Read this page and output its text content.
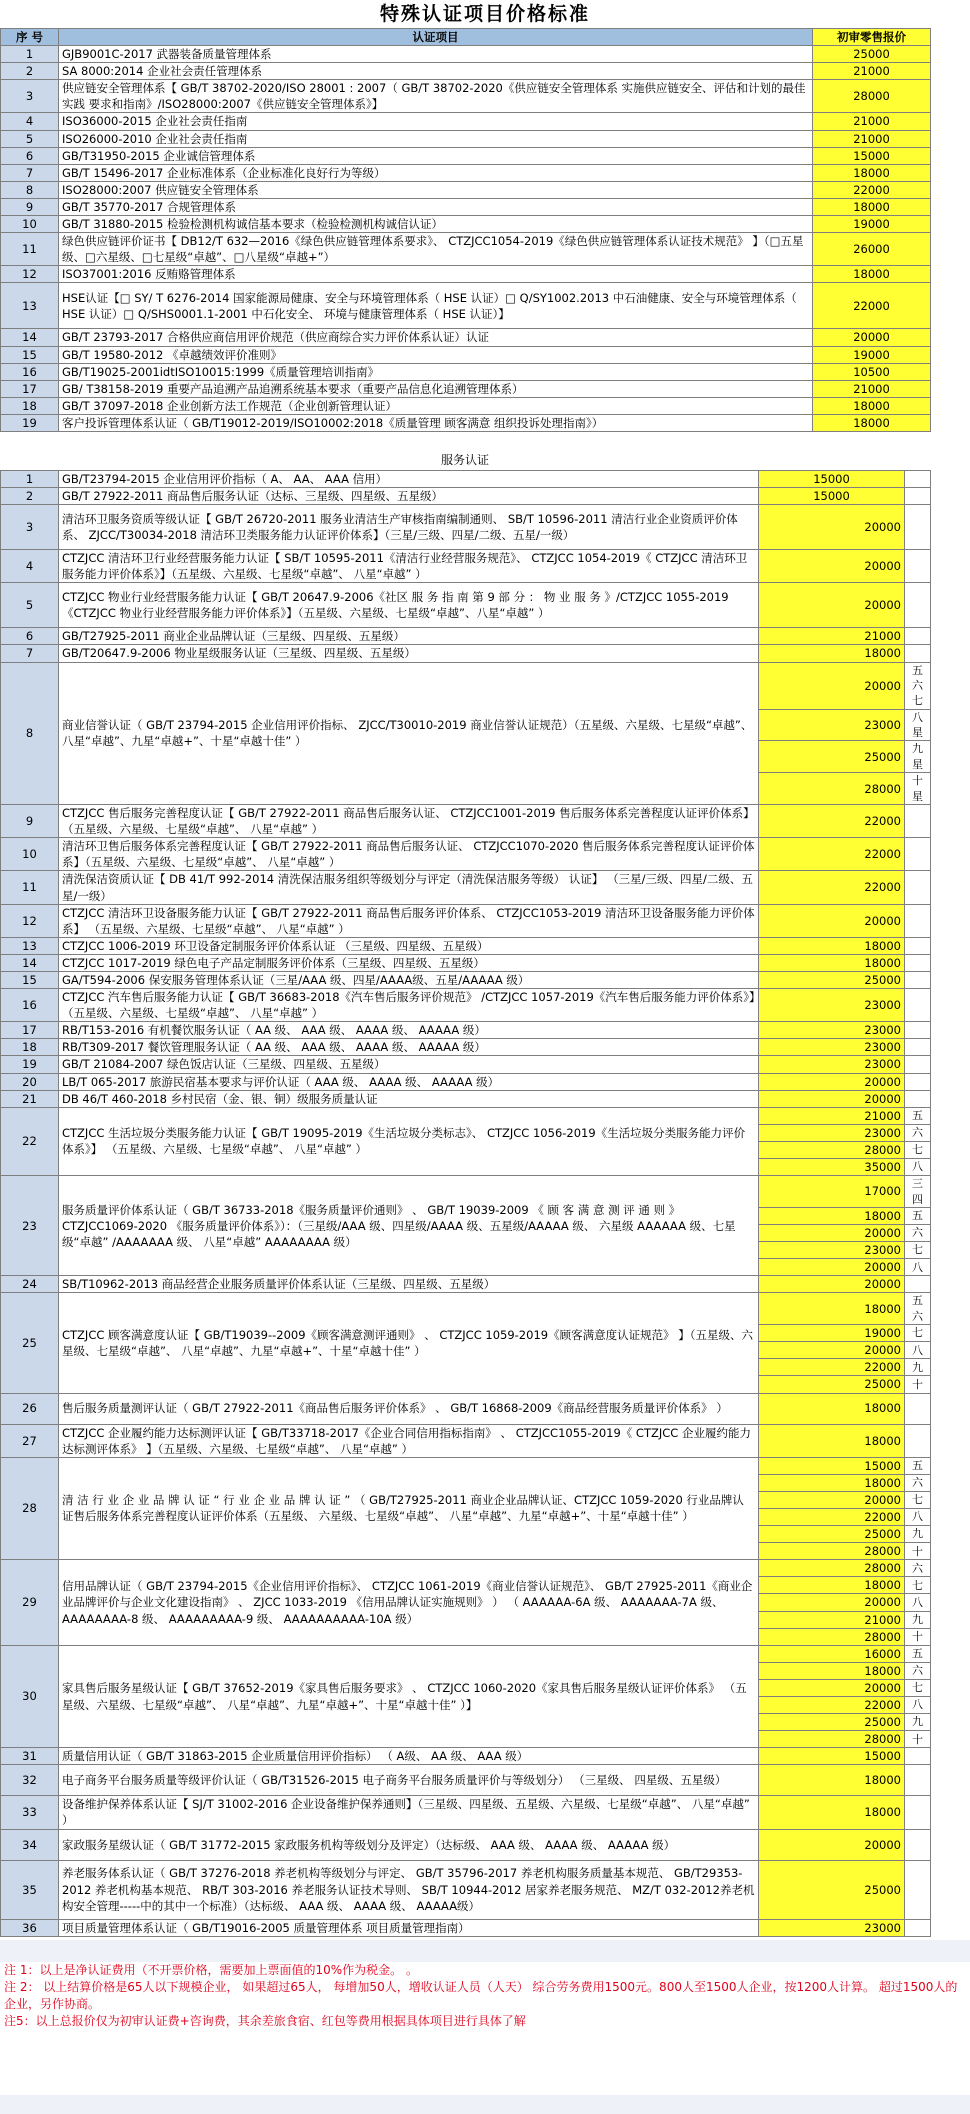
特殊认证项目价格标准
序 号	认证项目	初审零售报价
1	GJB9001C-2017 武器装备质量管理体系	25000
2	SA 8000:2014 企业社会责任管理体系	21000
3	供应链安全管理体系【 GB/T 38702-2020/ISO 28001 : 2007（ GB/T 38702-2020《供应链安全管理体系 实施供应链安全、评估和计划的最佳实践 要求和指南》/ISO28000:2007《供应链安全管理体系》】	28000
4	ISO36000-2015 企业社会责任指南	21000
5	ISO26000-2010 企业社会责任指南	21000
6	GB/T31950-2015 企业诚信管理体系	15000
7	GB/T 15496-2017 企业标准体系（企业标准化良好行为等级）	18000
8	ISO28000:2007 供应链安全管理体系	22000
9	GB/T 35770-2017 合规管理体系	18000
10	GB/T 31880-2015 检验检测机构诚信基本要求（检验检测机构诚信认证）	19000
11	绿色供应链评价证书【 DB12/T 632—2016《绿色供应链管理体系要求》、 CTZJCC1054-2019《绿色供应链管理体系认证技术规范》 】（□五星级、□六星级、□七星级“卓越”、□八星级“卓越+”）	26000
12	ISO37001:2016 反贿赂管理体系	18000
13	HSE认证【□ SY/ T 6276-2014 国家能源局健康、安全与环境管理体系（ HSE 认证）□ Q/SY1002.2013 中石油健康、安全与环境管理体系（ HSE 认证）□ Q/SHS0001.1-2001 中石化安全、 环境与健康管理体系（ HSE 认证）】	22000
14	GB/T 23793-2017 合格供应商信用评价规范（供应商综合实力评价体系认证）认证	20000
15	GB/T 19580-2012 《卓越绩效评价准则》	19000
16	GB/T19025-2001idtISO10015:1999《质量管理培训指南》	10500
17	GB/ T38158-2019 重要产品追溯产品追溯系统基本要求（重要产品信息化追溯管理体系）	21000
18	GB/T 37097-2018 企业创新方法工作规范（企业创新管理认证）	18000
19	客户投诉管理体系认证（ GB/T19012-2019/ISO10002:2018《质量管理 顾客满意 组织投诉处理指南》）	18000
服务认证
1	GB/T23794-2015 企业信用评价指标（ A、 AA、 AAA 信用）	15000	
2	GB/T 27922-2011 商品售后服务认证（达标、三星级、四星级、五星级）	15000	
3	清洁环卫服务资质等级认证【 GB/T 26720-2011 服务业清洁生产审核指南编制通则、 SB/T 10596-2011 清洁行业企业资质评价体系、 ZJCC/T30034-2018 清洁环卫类服务能力认证评价体系】（三星/三级、四星/二级、五星/一级）	20000	
4	CTZJCC 清洁环卫行业经营服务能力认证【 SB/T 10595-2011《清洁行业经营服务规范》、 CTZJCC 1054-2019《 CTZJCC 清洁环卫服务能力评价体系》】（五星级、六星级、七星级“卓越”、 八星“卓越” ）	20000	
5	CTZJCC 物业行业经营服务能力认证【 GB/T 20647.9-2006《社区 服 务 指 南 第 9 部 分 ： 物 业 服 务 》/CTZJCC 1055-2019《CTZJCC 物业行业经营服务能力评价体系》】（五星级、六星级、七星级“卓越”、八星“卓越” ）	20000	
6	GB/T27925-2011 商业企业品牌认证（三星级、四星级、五星级）	21000	
7	GB/T20647.9-2006 物业星级服务认证（三星级、四星级、五星级）	18000	
8	商业信誉认证（ GB/T 23794-2015 企业信用评价指标、 ZJCC/T30010-2019 商业信誉认证规范）（五星级、六星级、七星级“卓越”、 八星“卓越”、九星“卓越+”、十星“卓越十佳” ）	20000	五六七
		23000	八星
		25000	九星
		28000	十星
9	CTZJCC 售后服务完善程度认证【 GB/T 27922-2011 商品售后服务认证、 CTZJCC1001-2019 售后服务体系完善程度认证评价体系】（五星级、六星级、七星级“卓越”、 八星“卓越” ）	22000	
10	清洁环卫售后服务体系完善程度认证【 GB/T 27922-2011 商品售后服务认证、 CTZJCC1070-2020 售后服务体系完善程度认证评价体系】（五星级、六星级、七星级“卓越”、 八星“卓越” ）	22000	
11	清洗保洁资质认证【 DB 41/T 992-2014 清洗保洁服务组织等级划分与评定（清洗保洁服务等级） 认证】 （三星/三级、四星/二级、五星/一级）	22000	
12	CTZJCC 清洁环卫设备服务能力认证【 GB/T 27922-2011 商品售后服务评价体系、 CTZJCC1053-2019 清洁环卫设备服务能力评价体系】 （五星级、六星级、七星级“卓越”、 八星“卓越” ）	20000	
13	CTZJCC 1006-2019 环卫设备定制服务评价体系认证 （三星级、四星级、五星级）	18000	
14	CTZJCC 1017-2019 绿色电子产品定制服务评价体系（三星级、四星级、五星级）	18000	
15	GA/T594-2006 保安服务管理体系认证（三星/AAA 级、四星/AAAA级、五星/AAAAA 级）	25000	
16	CTZJCC 汽车售后服务能力认证【 GB/T 36683-2018《汽车售后服务评价规范》 /CTZJCC 1057-2019《汽车售后服务能力评价体系》】（五星级、六星级、七星级“卓越”、 八星“卓越” ）	23000	
17	RB/T153-2016 有机餐饮服务认证（ AA 级、 AAA 级、 AAAA 级、 AAAAA 级）	23000	
18	RB/T309-2017 餐饮管理服务认证（ AA 级、 AAA 级、 AAAA 级、 AAAAA 级）	23000	
19	GB/T 21084-2007 绿色饭店认证（三星级、四星级、五星级）	23000	
20	LB/T 065-2017 旅游民宿基本要求与评价认证（ AAA 级、 AAAA 级、 AAAAA 级）	20000	
21	DB 46/T 460-2018 乡村民宿（金、银、铜）级服务质量认证	20000	
22	CTZJCC 生活垃圾分类服务能力认证【 GB/T 19095-2019《生活垃圾分类标志》、 CTZJCC 1056-2019《生活垃圾分类服务能力评价体系》】 （五星级、六星级、七星级“卓越”、 八星“卓越” ）	21000	五
		23000	六
		28000	七
		35000	八
23	服务质量评价体系认证（ GB/T 36733-2018《服务质量评价通则》 、 GB/T 19039-2009 《 顾 客 满 意 测 评 通 则 》 CTZJCC1069-2020 《服务质量评价体系》）：（三星级/AAA 级、四星级/AAAA 级、五星级/AAAAA 级、 六星级 AAAAAA 级、七星级“卓越” /AAAAAAA 级、 八星“卓越” AAAAAAAA 级）	17000	三四
		18000	五
		20000	六
		23000	七
		20000	八
24	SB/T10962-2013 商品经营企业服务质量评价体系认证（三星级、四星级、五星级）	20000	
25	CTZJCC 顾客满意度认证【 GB/T19039--2009《顾客满意测评通则》 、 CTZJCC 1059-2019《顾客满意度认证规范》 】（五星级、六星级、七星级“卓越”、 八星“卓越”、九星“卓越+”、十星“卓越十佳” ）	18000	五六
		19000	七
		20000	八
		22000	九
		25000	十
26	售后服务质量测评认证（ GB/T 27922-2011《商品售后服务评价体系》 、 GB/T 16868-2009《商品经营服务质量评价体系》 ）	18000	
27	CTZJCC 企业履约能力达标测评认证【 GB/T33718-2017《企业合同信用指标指南》 、 CTZJCC1055-2019《 CTZJCC 企业履约能力达标测评体系》 】（五星级、六星级、七星级“卓越”、 八星“卓越” ）	18000	
28	清 洁 行 业 企 业 品 牌 认 证 “ 行 业 企 业 品 牌 认 证 ” （ GB/T27925-2011 商业企业品牌认证、CTZJCC 1059-2020 行业品牌认证售后服务体系完善程度认证评价体系（五星级、 六星级、七星级“卓越”、 八星“卓越”、九星“卓越+”、十星“卓越十佳” ）	15000	五
		18000	六
		20000	七
		22000	八
		25000	九
		28000	十
29	信用品牌认证（ GB/T 23794-2015《企业信用评价指标》、 CTZJCC 1061-2019《商业信誉认证规范》、 GB/T 27925-2011《商业企业品牌评价与企业文化建设指南》 、 ZJCC 1033-2019 《信用品牌认证实施规则》 ） （ AAAAAA-6A 级、 AAAAAAA-7A 级、 AAAAAAAA-8 级、 AAAAAAAAA-9 级、 AAAAAAAAAA-10A 级）	28000	六
		18000	七
		20000	八
		21000	九
		28000	十
30	家具售后服务星级认证【 GB/T 37652-2019《家具售后服务要求》 、 CTZJCC 1060-2020《家具售后服务星级认证评价体系》 （五星级、六星级、七星级“卓越”、 八星“卓越”、九星“卓越+”、十星“卓越十佳” ）】	16000	五
		18000	六
		20000	七
		22000	八
		25000	九
		28000	十
31	质量信用认证（ GB/T 31863-2015 企业质量信用评价指标） （ A级、 AA 级、 AAA 级）	15000	
32	电子商务平台服务质量等级评价认证（ GB/T31526-2015 电子商务平台服务质量评价与等级划分） （三星级、 四星级、五星级）	18000	
33	设备维护保养体系认证【 SJ/T 31002-2016 企业设备维护保养通则】（三星级、四星级、五星级、六星级、七星级“卓越”、 八星“卓越” ）	18000	
34	家政服务星级认证（ GB/T 31772-2015 家政服务机构等级划分及评定）（达标级、 AAA 级、 AAAA 级、 AAAAA 级）	20000	
35	养老服务体系认证（ GB/T 37276-2018 养老机构等级划分与评定、 GB/T 35796-2017 养老机构服务质量基本规范、 GB/T29353-2012 养老机构基本规范、 RB/T 303-2016 养老服务认证技术导则、 SB/T 10944-2012 居家养老服务规范、 MZ/T 032-2012养老机构安全管理-----中的其中一个标准）（达标级、 AAA 级、 AAAA 级、 AAAAA级）	25000	
36	项目质量管理体系认证（ GB/T19016-2005 质量管理体系 项目质量管理指南）	23000	
注 1：以上是净认证费用（不开票价格，需要加上票面值的10%作为税金。 。
注 2： 以上结算价格是65人以下规模企业， 如果超过65人， 每增加50人，增收认证人员（人天） 综合劳务费用1500元。800人至1500人企业，按1200人计算。 超过1500人的企业，另作协商。
注5：以上总报价仅为初审认证费+咨询费，其余差旅食宿、红包等费用根据具体项目进行具体了解
